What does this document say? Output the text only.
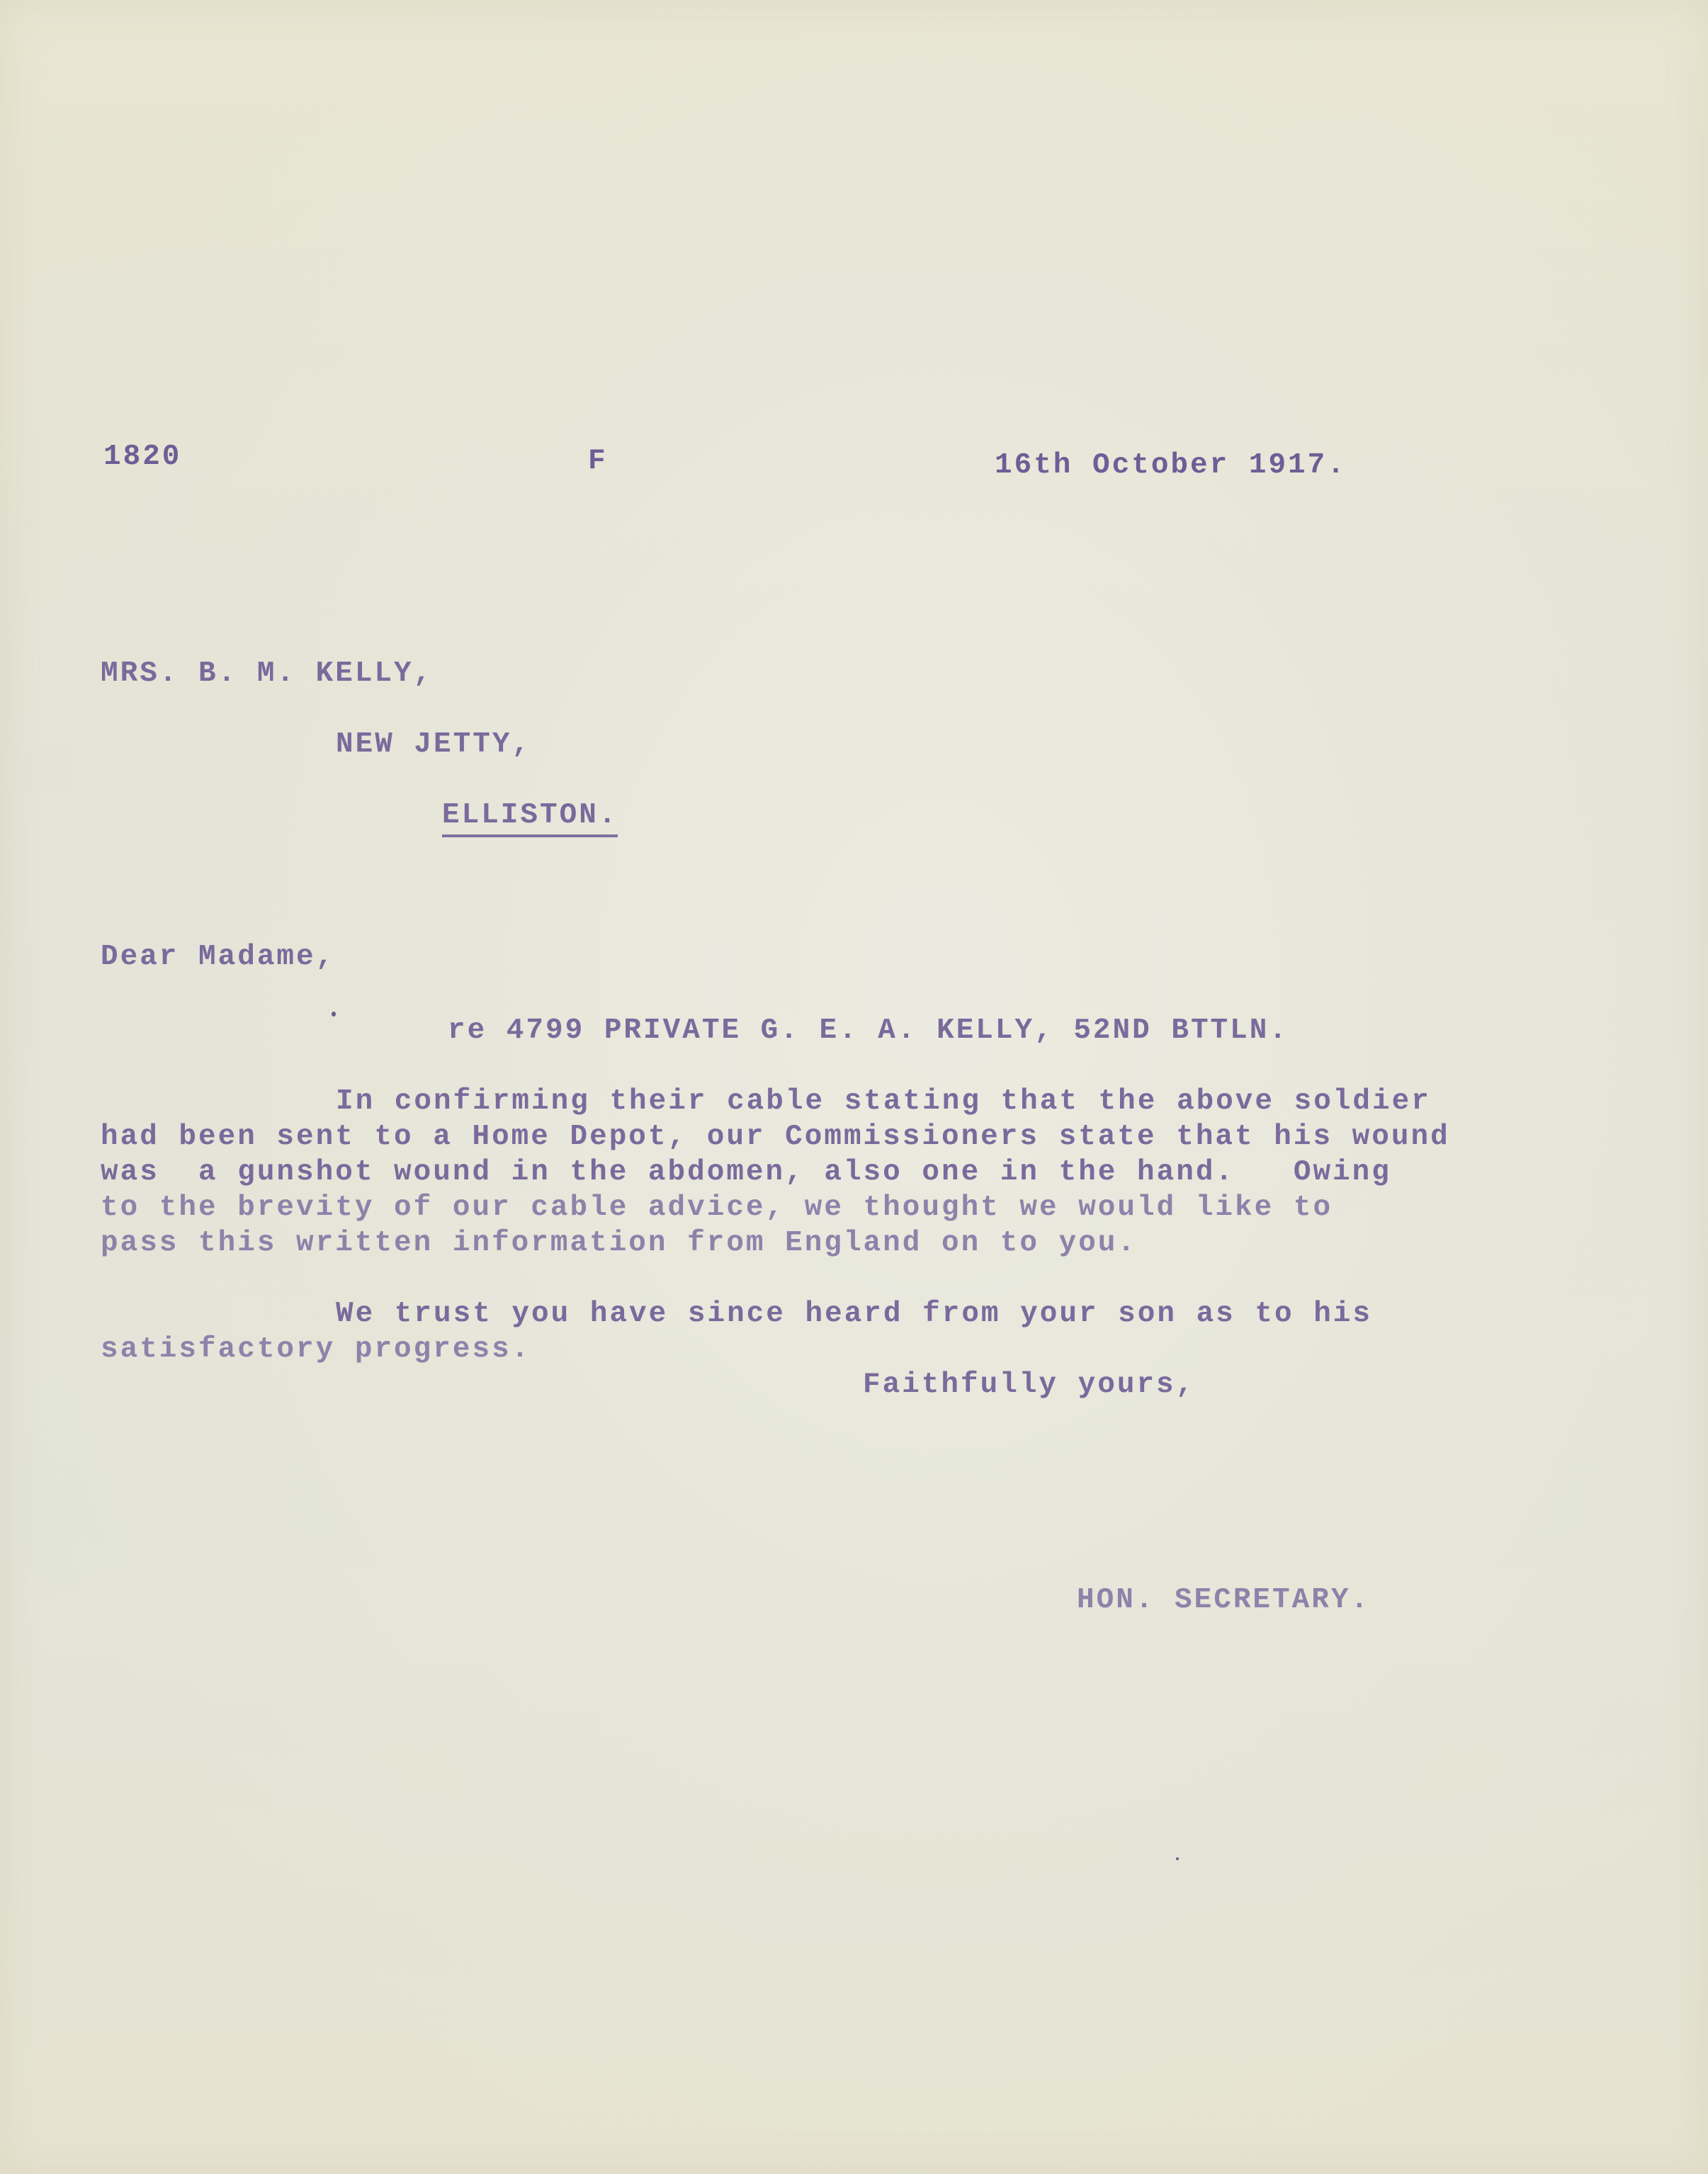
1820	F	16th October 1917.

MRS. B. M. KELLY,

NEW JETTY,

ELLISTON.

Dear Madame,

re 4799 PRIVATE G. E. A. KELLY, 52ND BTTLN.

In confirming their cable stating that the above soldier

had been sent to a Home Depot, our Commissioners state that his wound

was  a gunshot wound in the abdomen, also one in the hand.   Owing

to the brevity of our cable advice, we thought we would like to

pass this written information from England on to you.

We trust you have since heard from your son as to his

satisfactory progress.

Faithfully yours,

HON. SECRETARY.
